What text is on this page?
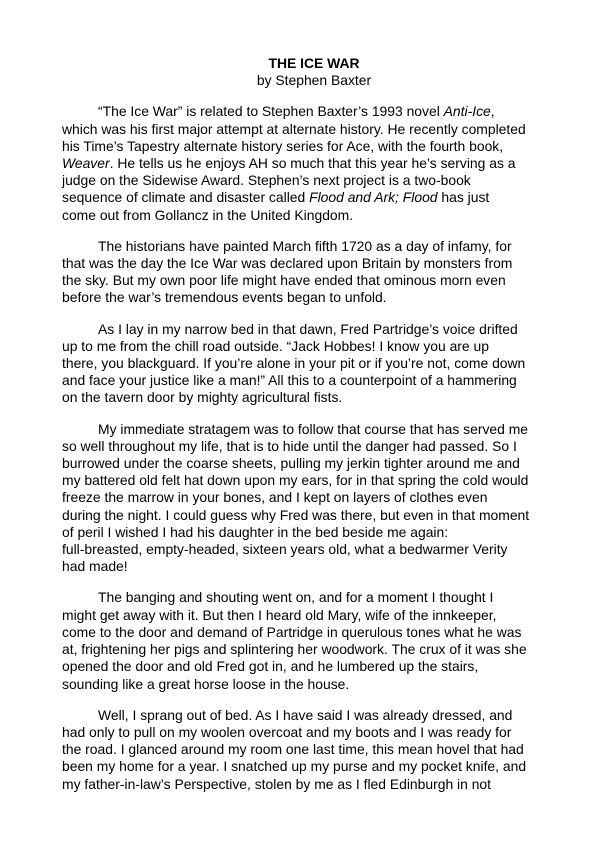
THE ICE WAR
by Stephen Baxter
“The Ice War” is related to Stephen Baxter’s 1993 novel Anti-Ice,
which was his first major attempt at alternate history. He recently completed
his Time’s Tapestry alternate history series for Ace, with the fourth book,
Weaver. He tells us he enjoys AH so much that this year he’s serving as a
judge on the Sidewise Award. Stephen’s next project is a two-book
sequence of climate and disaster called Flood and Ark; Flood has just
come out from Gollancz in the United Kingdom.
The historians have painted March fifth 1720 as a day of infamy, for
that was the day the Ice War was declared upon Britain by monsters from
the sky. But my own poor life might have ended that ominous morn even
before the war’s tremendous events began to unfold.
As I lay in my narrow bed in that dawn, Fred Partridge’s voice drifted
up to me from the chill road outside. “Jack Hobbes! I know you are up
there, you blackguard. If you’re alone in your pit or if you’re not, come down
and face your justice like a man!” All this to a counterpoint of a hammering
on the tavern door by mighty agricultural fists.
My immediate stratagem was to follow that course that has served me
so well throughout my life, that is to hide until the danger had passed. So I
burrowed under the coarse sheets, pulling my jerkin tighter around me and
my battered old felt hat down upon my ears, for in that spring the cold would
freeze the marrow in your bones, and I kept on layers of clothes even
during the night. I could guess why Fred was there, but even in that moment
of peril I wished I had his daughter in the bed beside me again:
full-breasted, empty-headed, sixteen years old, what a bedwarmer Verity
had made!
The banging and shouting went on, and for a moment I thought I
might get away with it. But then I heard old Mary, wife of the innkeeper,
come to the door and demand of Partridge in querulous tones what he was
at, frightening her pigs and splintering her woodwork. The crux of it was she
opened the door and old Fred got in, and he lumbered up the stairs,
sounding like a great horse loose in the house.
Well, I sprang out of bed. As I have said I was already dressed, and
had only to pull on my woolen overcoat and my boots and I was ready for
the road. I glanced around my room one last time, this mean hovel that had
been my home for a year. I snatched up my purse and my pocket knife, and
my father-in-law’s Perspective, stolen by me as I fled Edinburgh in not
